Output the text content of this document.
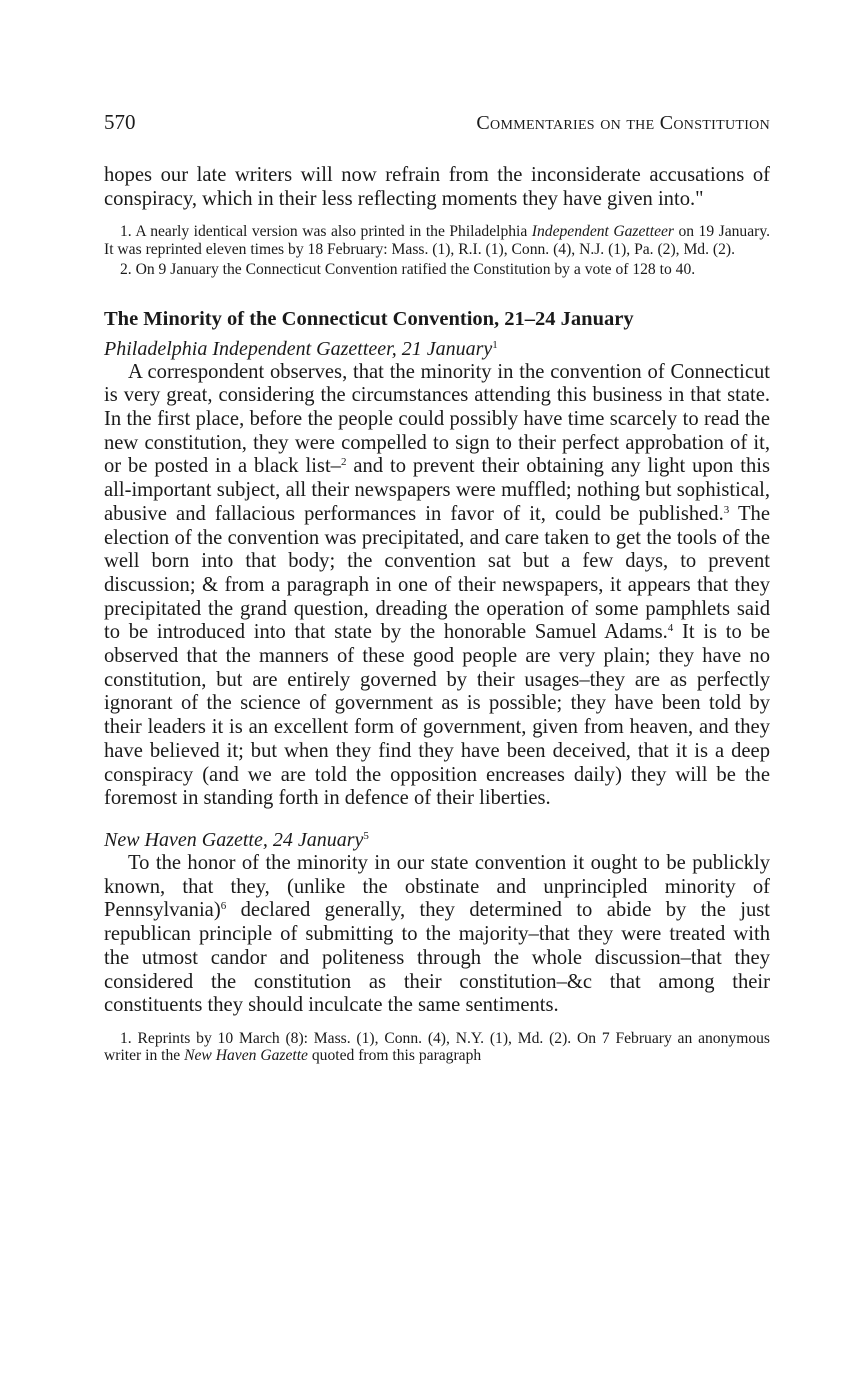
570	Commentaries on the Constitution

hopes our late writers will now refrain from the inconsiderate accusations of conspiracy, which in their less reflecting moments they have given into."

1. A nearly identical version was also printed in the Philadelphia Independent Gazetteer on 19 January. It was reprinted eleven times by 18 February: Mass. (1), R.I. (1), Conn. (4), N.J. (1), Pa. (2), Md. (2).

2. On 9 January the Connecticut Convention ratified the Constitution by a vote of 128 to 40.

The Minority of the Connecticut Convention, 21–24 January

Philadelphia Independent Gazetteer, 21 January$^1$

A correspondent observes, that the minority in the convention of Connecticut is very great, considering the circumstances attending this business in that state. In the first place, before the people could possibly have time scarcely to read the new constitution, they were compelled to sign to their perfect approbation of it, or be posted in a black list–$^2$ and to prevent their obtaining any light upon this all-important subject, all their newspapers were muffled; nothing but sophistical, abusive and fallacious performances in favor of it, could be published.$^3$ The election of the convention was precipitated, and care taken to get the tools of the well born into that body; the convention sat but a few days, to prevent discussion; & from a paragraph in one of their newspapers, it appears that they precipitated the grand question, dreading the operation of some pamphlets said to be introduced into that state by the honorable Samuel Adams.$^4$ It is to be observed that the manners of these good people are very plain; they have no constitution, but are entirely governed by their usages–they are as perfectly ignorant of the science of government as is possible; they have been told by their leaders it is an excellent form of government, given from heaven, and they have believed it; but when they find they have been deceived, that it is a deep conspiracy (and we are told the opposition encreases daily) they will be the foremost in standing forth in defence of their liberties.

New Haven Gazette, 24 January$^5$

To the honor of the minority in our state convention it ought to be publickly known, that they, (unlike the obstinate and unprincipled minority of Pennsylvania)$^6$ declared generally, they determined to abide by the just republican principle of submitting to the majority–that they were treated with the utmost candor and politeness through the whole discussion–that they considered the constitution as their constitution–&c that among their constituents they should inculcate the same sentiments.

1. Reprints by 10 March (8): Mass. (1), Conn. (4), N.Y. (1), Md. (2). On 7 February an anonymous writer in the New Haven Gazette quoted from this paragraph
